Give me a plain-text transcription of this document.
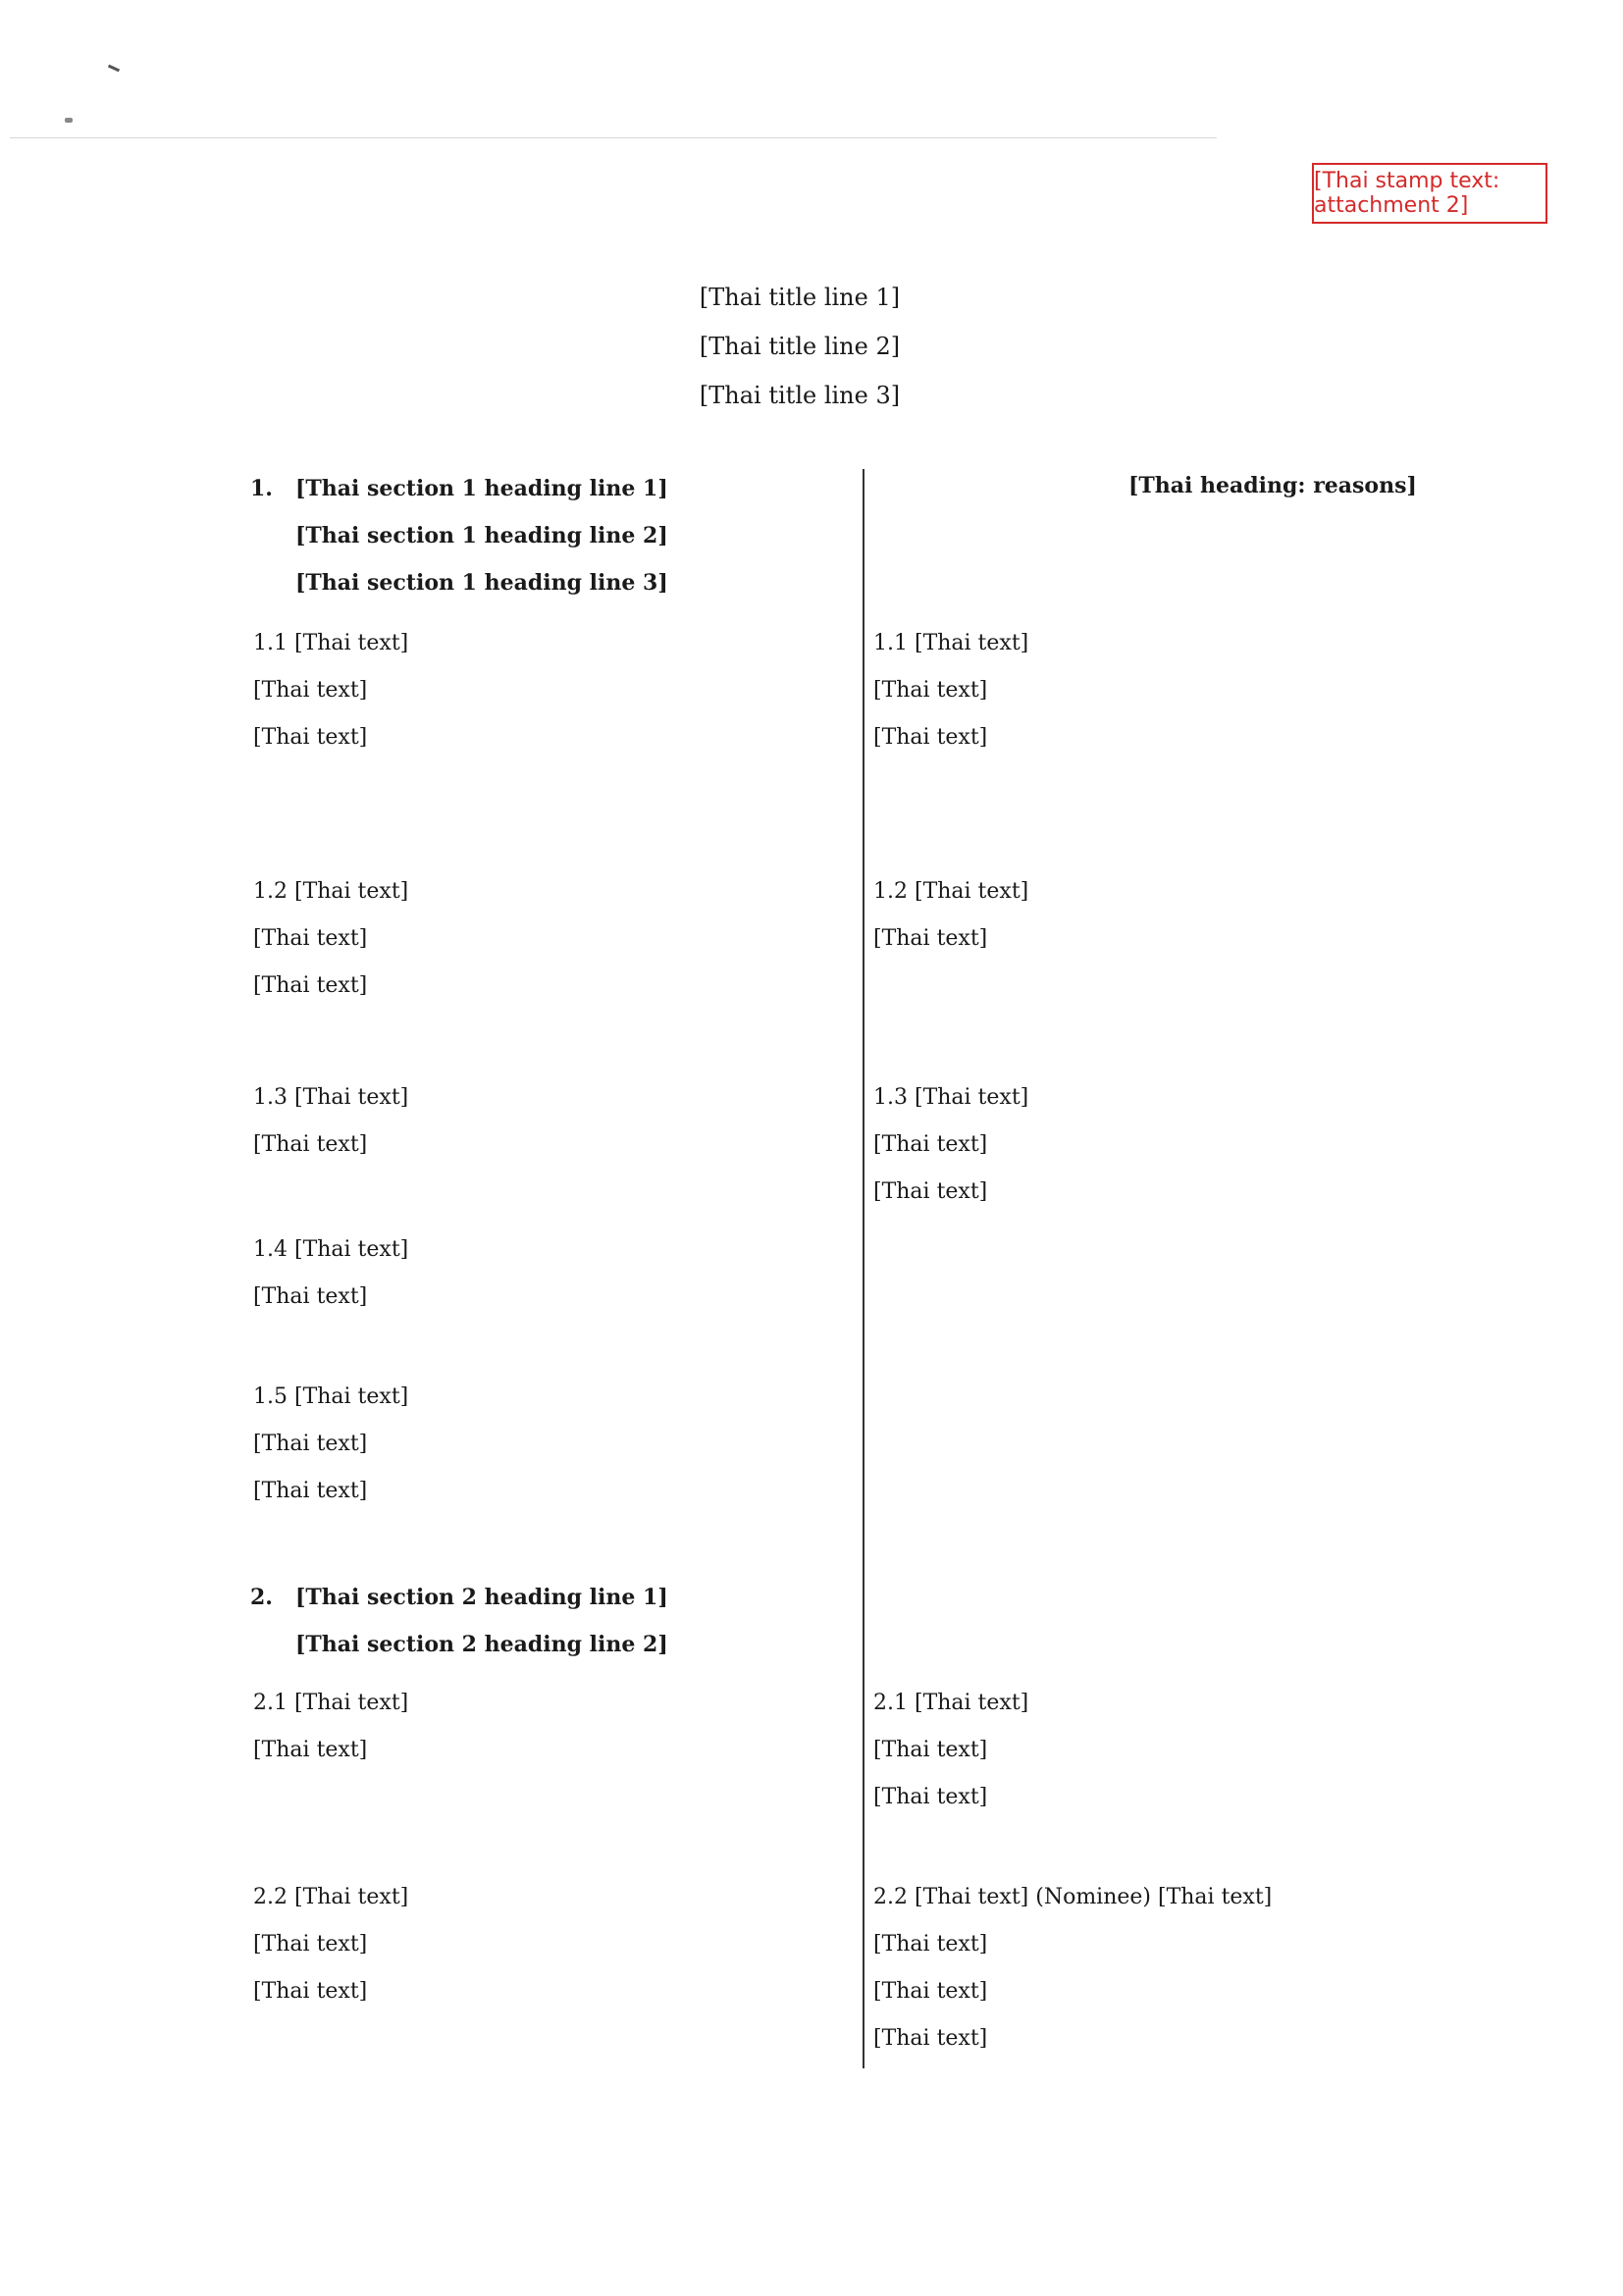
[Thai stamp text: attachment 2]
[Thai title line 1]
[Thai title line 2]
[Thai title line 3]
[Thai heading: reasons]
1. [Thai section 1 heading line 1]
[Thai section 1 heading line 2]
[Thai section 1 heading line 3]
1.1 [Thai text]
[Thai text]
[Thai text]
1.1 [Thai text]
[Thai text]
[Thai text]
1.2 [Thai text]
[Thai text]
[Thai text]
1.2 [Thai text]
[Thai text]
1.3 [Thai text]
[Thai text]
1.3 [Thai text]
[Thai text]
[Thai text]
1.4 [Thai text]
[Thai text]
1.5 [Thai text]
[Thai text]
[Thai text]
2. [Thai section 2 heading line 1]
[Thai section 2 heading line 2]
2.1 [Thai text]
[Thai text]
2.1 [Thai text]
[Thai text]
[Thai text]
2.2 [Thai text]
[Thai text]
[Thai text]
2.2 [Thai text] (Nominee) [Thai text]
[Thai text]
[Thai text]
[Thai text]
